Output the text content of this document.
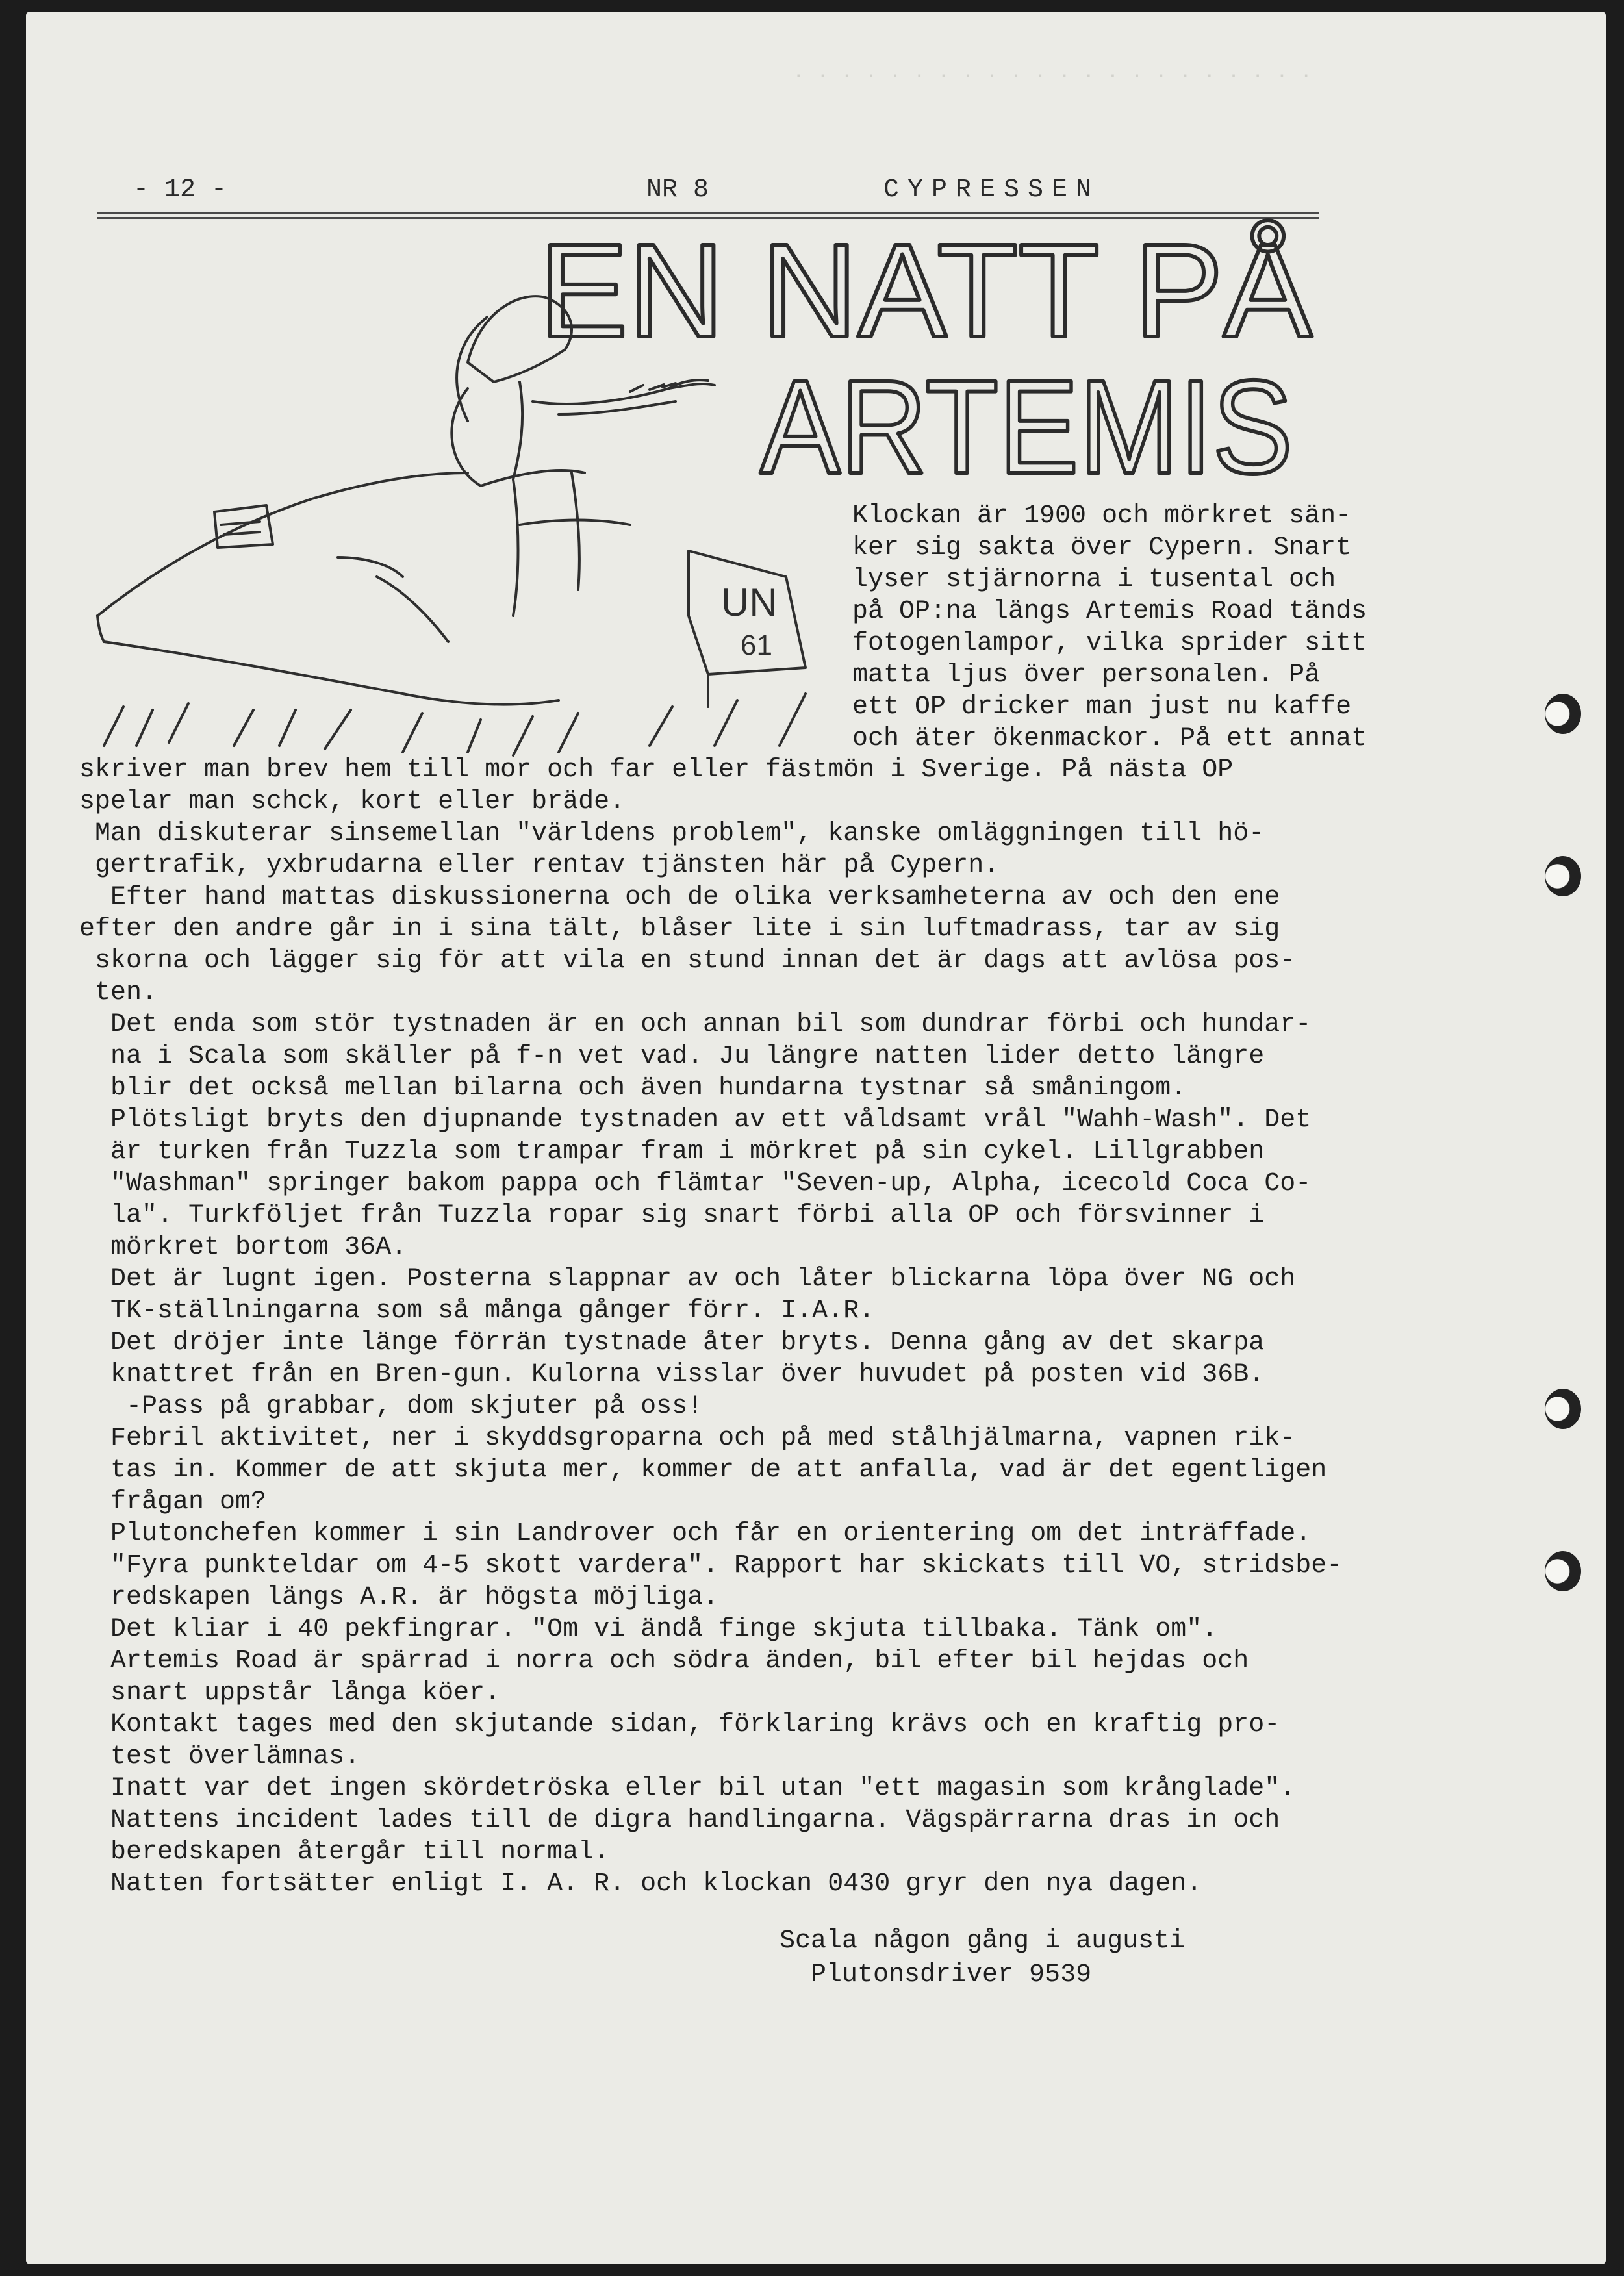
. . . . . . . . . . . . . . . . . . . . . .
- 12 -	NR 8	CYPRESSEN
EN NATT PÅ
ARTEMIS
UN
61
Klockan är 1900 och mörkret sän-
ker sig sakta över Cypern. Snart
lyser stjärnorna i tusental och
på OP:na längs Artemis Road tänds
fotogenlampor, vilka sprider sitt
matta ljus över personalen. På
ett OP dricker man just nu kaffe
och äter ökenmackor. På ett annat
skriver man brev hem till mor och far eller fästmön i Sverige. På nästa OP
spelar man schck, kort eller bräde.
Man diskuterar sinsemellan "världens problem", kanske omläggningen till hö-
gertrafik, yxbrudarna eller rentav tjänsten här på Cypern.
Efter hand mattas diskussionerna och de olika verksamheterna av och den ene
efter den andre går in i sina tält, blåser lite i sin luftmadrass, tar av sig
skorna och lägger sig för att vila en stund innan det är dags att avlösa pos-
ten.
Det enda som stör tystnaden är en och annan bil som dundrar förbi och hundar-
na i Scala som skäller på f-n vet vad. Ju längre natten lider detto längre
blir det också mellan bilarna och även hundarna tystnar så småningom.
Plötsligt bryts den djupnande tystnaden av ett våldsamt vrål "Wahh-Wash". Det
är turken från Tuzzla som trampar fram i mörkret på sin cykel. Lillgrabben
"Washman" springer bakom pappa och flämtar "Seven-up, Alpha, icecold Coca Co-
la". Turkföljet från Tuzzla ropar sig snart förbi alla OP och försvinner i
mörkret bortom 36A.
Det är lugnt igen. Posterna slappnar av och låter blickarna löpa över NG och
TK-ställningarna som så många gånger förr. I.A.R.
Det dröjer inte länge förrän tystnade åter bryts. Denna gång av det skarpa
knattret från en Bren-gun. Kulorna visslar över huvudet på posten vid 36B.
-Pass på grabbar, dom skjuter på oss!
Febril aktivitet, ner i skyddsgroparna och på med stålhjälmarna, vapnen rik-
tas in. Kommer de att skjuta mer, kommer de att anfalla, vad är det egentligen
frågan om?
Plutonchefen kommer i sin Landrover och får en orientering om det inträffade.
"Fyra punkteldar om 4-5 skott vardera". Rapport har skickats till VO, stridsbe-
redskapen längs A.R. är högsta möjliga.
Det kliar i 40 pekfingrar. "Om vi ändå finge skjuta tillbaka. Tänk om".
Artemis Road är spärrad i norra och södra änden, bil efter bil hejdas och
snart uppstår långa köer.
Kontakt tages med den skjutande sidan, förklaring krävs och en kraftig pro-
test överlämnas.
Inatt var det ingen skördetröska eller bil utan "ett magasin som krånglade".
Nattens incident lades till de digra handlingarna. Vägspärrarna dras in och
beredskapen återgår till normal.
Natten fortsätter enligt I. A. R. och klockan 0430 gryr den nya dagen.
Scala någon gång i augusti
Plutonsdriver 9539
